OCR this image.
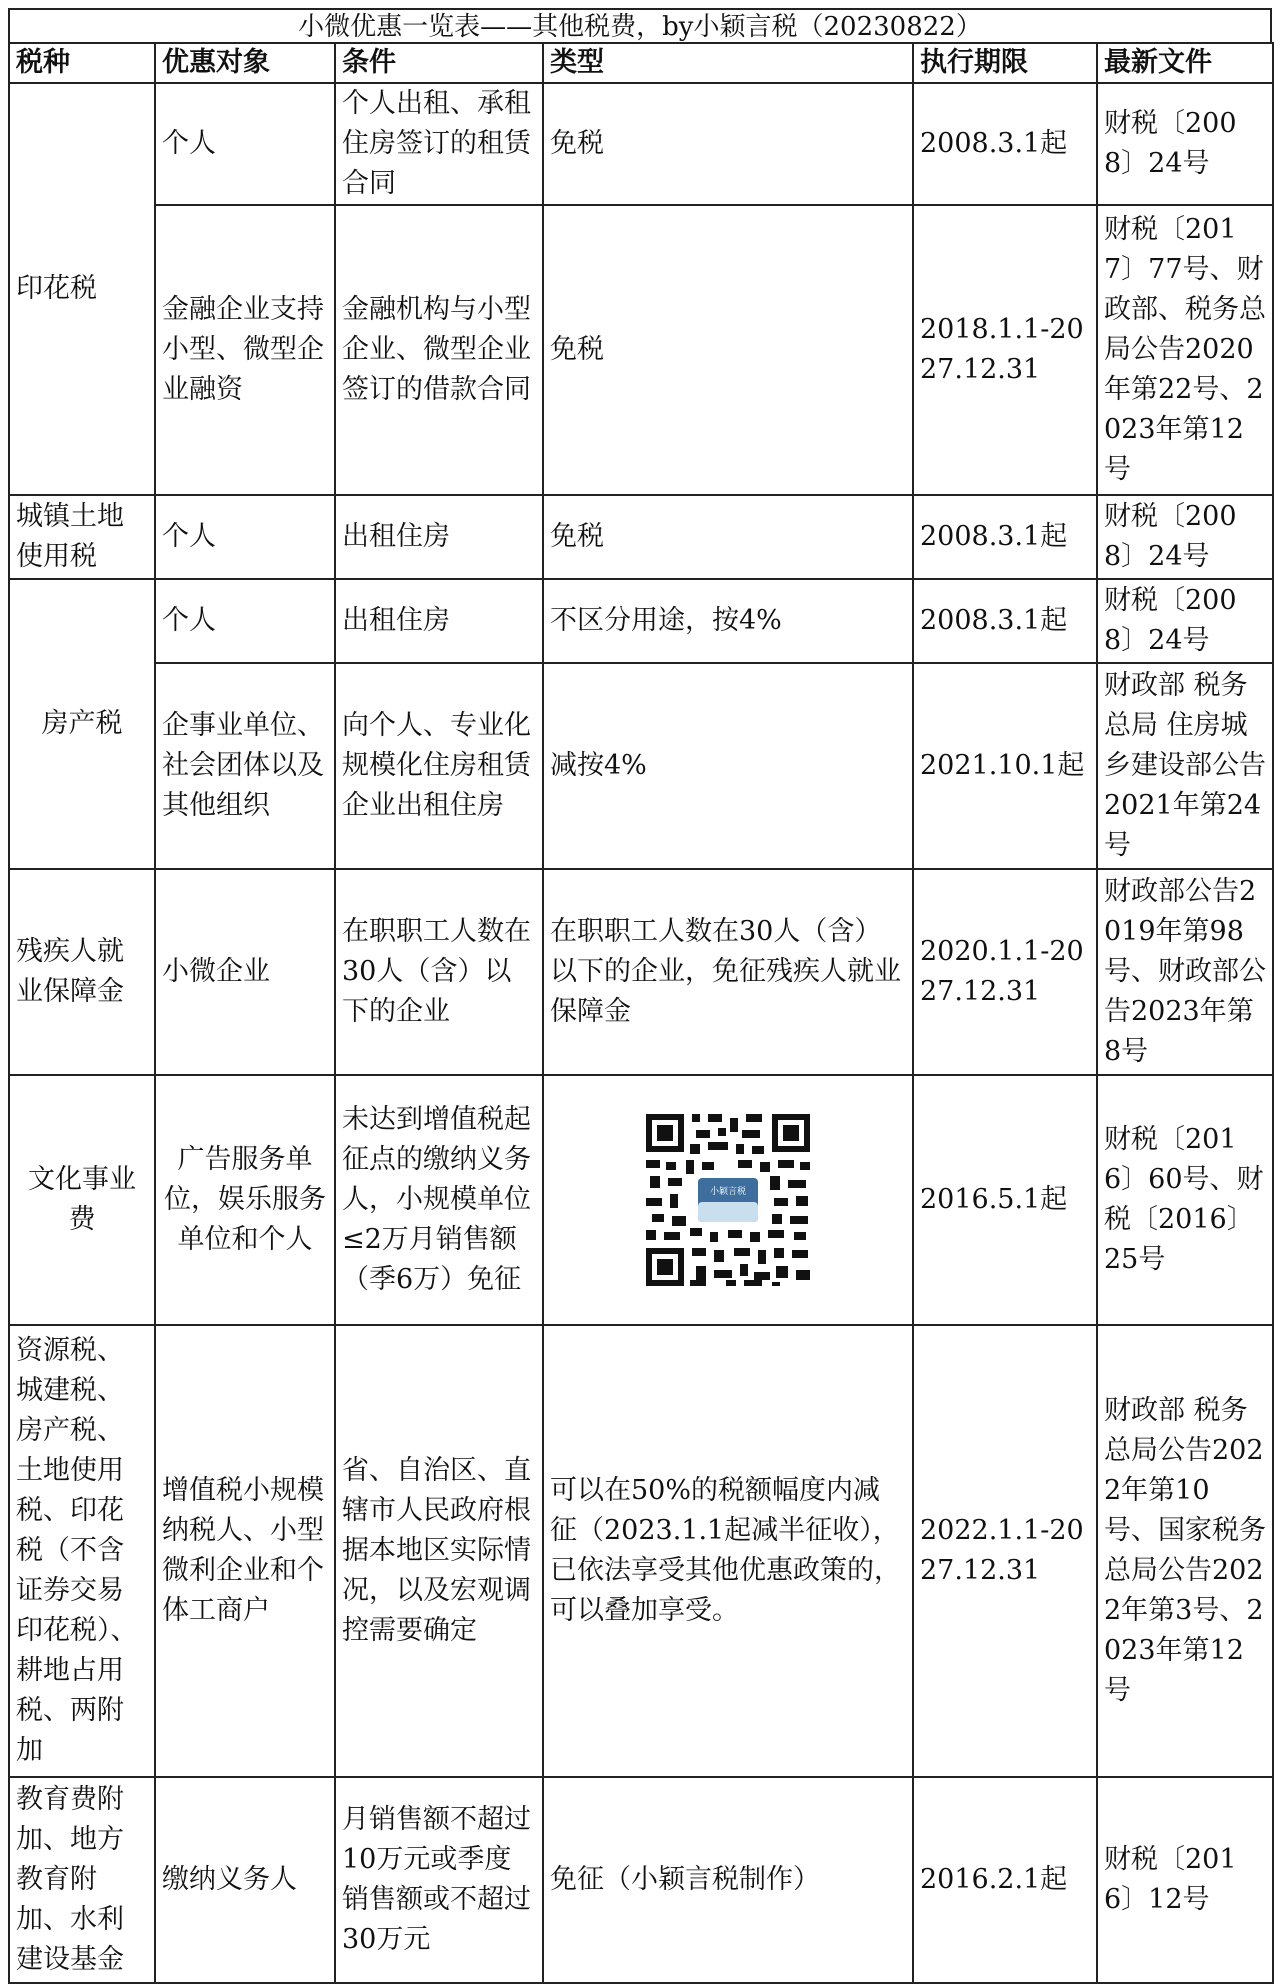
小微优惠一览表——其他税费，by小颖言税（20230822）
税种	优惠对象	条件	类型	执行期限	最新文件
印花税	个人	个人出租、承租住房签订的租赁合同	免税	2008.3.1起	财税〔2008〕24号
	金融企业支持小型、微型企业融资	金融机构与小型企业、微型企业签订的借款合同	免税	2018.1.1-2027.12.31	财税〔2017〕77号、财政部、税务总局公告2020年第22号、2023年第12号
城镇土地使用税	个人	出租住房	免税	2008.3.1起	财税〔2008〕24号
房产税	个人	出租住房	不区分用途，按4%	2008.3.1起	财税〔2008〕24号
	企事业单位、社会团体以及其他组织	向个人、专业化规模化住房租赁企业出租住房	减按4%	2021.10.1起	财政部 税务总局 住房城乡建设部公告2021年第24号
残疾人就业保障金	小微企业	在职职工人数在30人（含）以下的企业	在职职工人数在30人（含）以下的企业，免征残疾人就业保障金	2020.1.1-2027.12.31	财政部公告2019年第98号、财政部公告2023年第8号
文化事业费	广告服务单位，娱乐服务单位和个人	未达到增值税起征点的缴纳义务人，小规模单位≤2万月销售额（季6万）免征	小颖言税	2016.5.1起	财税〔2016〕60号、财税〔2016〕25号
资源税、城建税、房产税、土地使用税、印花税（不含证券交易印花税）、耕地占用税、两附加	增值税小规模纳税人、小型微利企业和个体工商户	省、自治区、直辖市人民政府根据本地区实际情况，以及宏观调控需要确定	可以在50%的税额幅度内减征（2023.1.1起减半征收），已依法享受其他优惠政策的，可以叠加享受。	2022.1.1-2027.12.31	财政部 税务总局公告2022年第10 号、国家税务总局公告2022年第3号、2023年第12号
教育费附加、地方教育附加、水利建设基金	缴纳义务人	月销售额不超过10万元或季度销售额或不超过30万元	免征（小颖言税制作）	2016.2.1起	财税〔2016〕12号
